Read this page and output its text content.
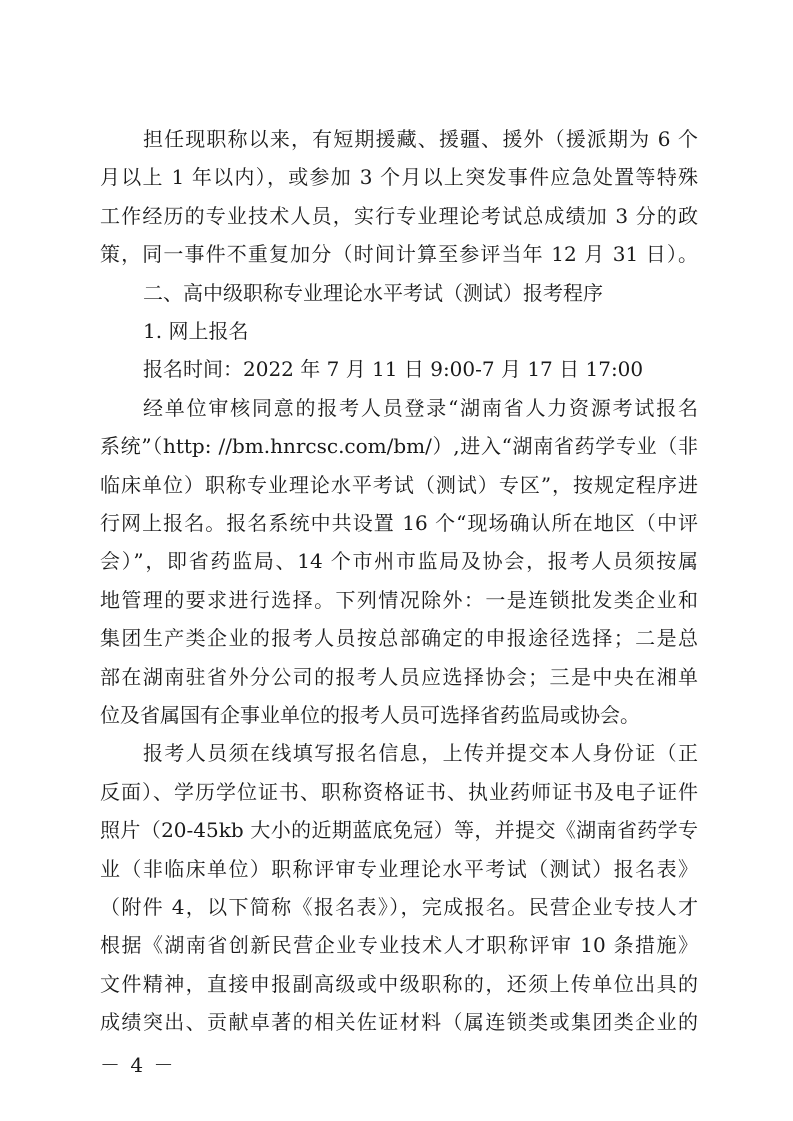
担任现职称以来，有短期援藏、援疆、援外（援派期为 6 个
月以上 1 年以内），或参加 3 个月以上突发事件应急处置等特殊
工作经历的专业技术人员，实行专业理论考试总成绩加 3 分的政
策，同一事件不重复加分（时间计算至参评当年 12 月 31 日）。
二、高中级职称专业理论水平考试（测试）报考程序
1. 网上报名
报名时间：2022 年 7 月 11 日 9:00-7 月 17 日 17:00
经单位审核同意的报考人员登录“湖南省人力资源考试报名
系统”（http: //bm.hnrcsc.com/bm/）,进入“湖南省药学专业（非
临床单位）职称专业理论水平考试（测试）专区”，按规定程序进
行网上报名。报名系统中共设置 16 个“现场确认所在地区（中评
会）”，即省药监局、14 个市州市监局及协会，报考人员须按属
地管理的要求进行选择。下列情况除外：一是连锁批发类企业和
集团生产类企业的报考人员按总部确定的申报途径选择；二是总
部在湖南驻省外分公司的报考人员应选择协会；三是中央在湘单
位及省属国有企事业单位的报考人员可选择省药监局或协会。
报考人员须在线填写报名信息，上传并提交本人身份证（正
反面）、学历学位证书、职称资格证书、执业药师证书及电子证件
照片（20-45kb 大小的近期蓝底免冠）等，并提交《湖南省药学专
业（非临床单位）职称评审专业理论水平考试（测试）报名表》
（附件 4，以下简称《报名表》），完成报名。民营企业专技人才
根据《湖南省创新民营企业专业技术人才职称评审 10 条措施》
文件精神，直接申报副高级或中级职称的，还须上传单位出具的
成绩突出、贡献卓著的相关佐证材料（属连锁类或集团类企业的
－ 4 －
